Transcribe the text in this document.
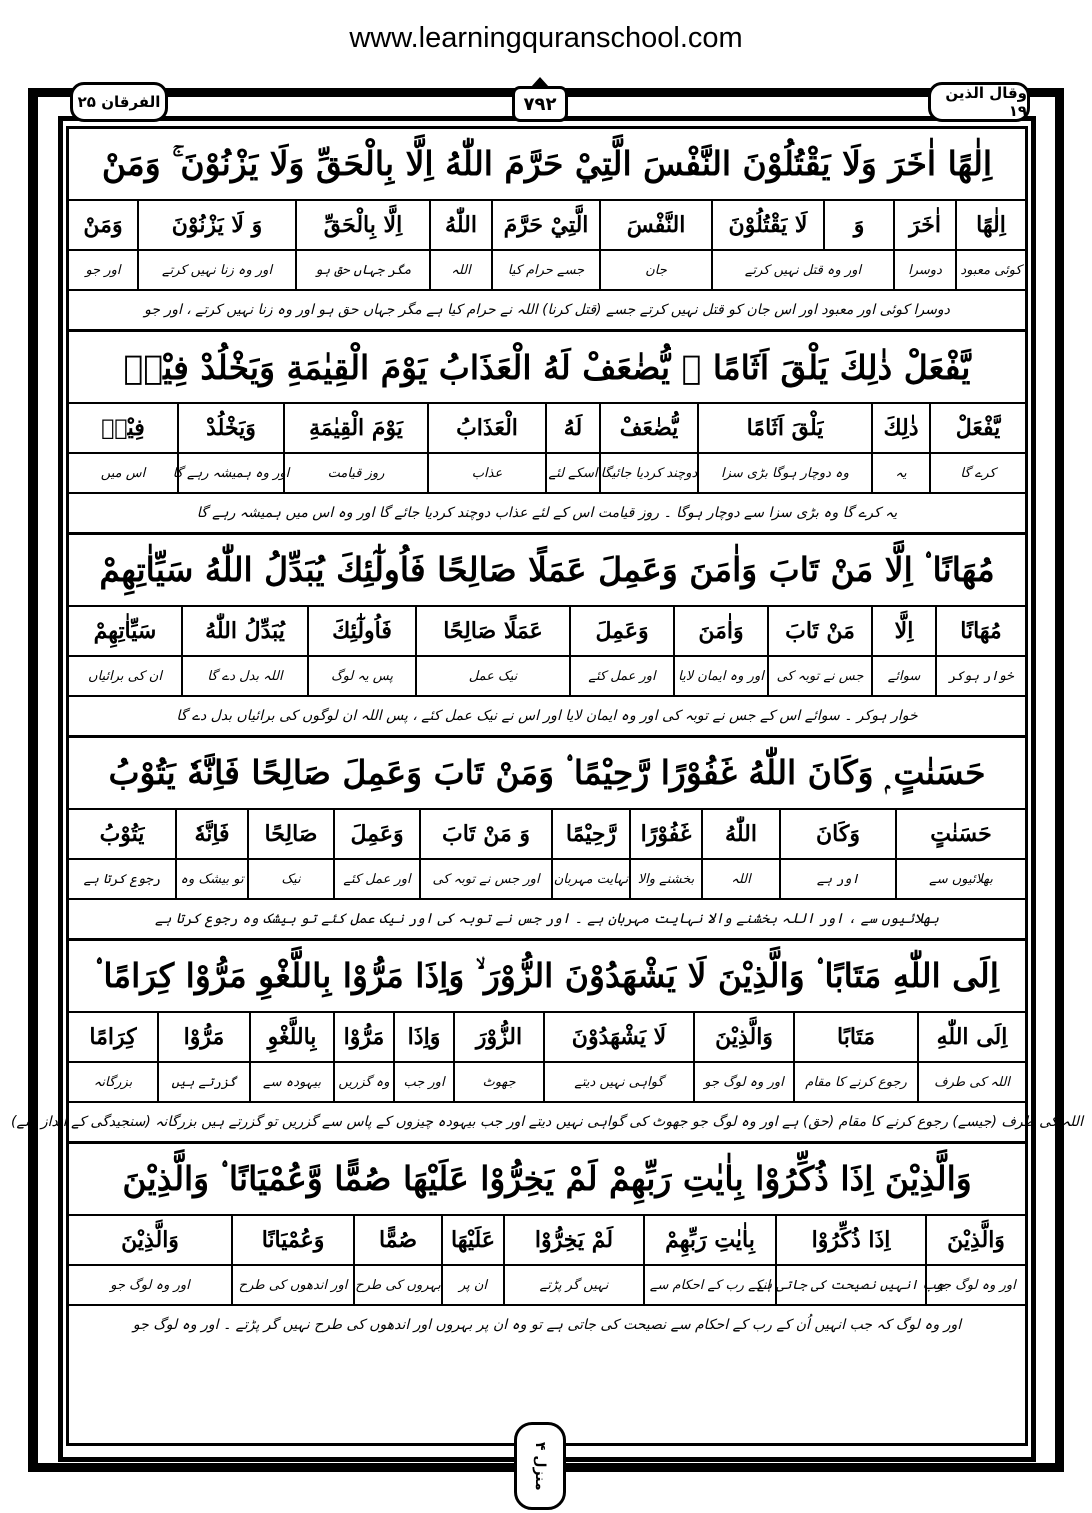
www.learningquranschool.com
الفرقان ۲۵	۷۹۲
وقال الذين ۱۹
اِلٰهًا اٰخَرَ وَلَا يَقْتُلُوْنَ النَّفْسَ الَّتِيْ حَرَّمَ اللّٰهُ اِلَّا بِالْحَقِّ وَلَا يَزْنُوْنَ ۚ وَمَنْ
اِلٰهًا
اٰخَرَ
وَ
لَا يَقْتُلُوْنَ
النَّفْسَ
الَّتِيْ حَرَّمَ
اللّٰهُ
اِلَّا بِالْحَقِّ
وَ لَا يَزْنُوْنَ
وَمَنْ
کوئی معبود
دوسرا
اور وہ قتل نہیں کرتے
جان
جسے حرام کیا
اللہ
مگر جہاں حق ہو
اور وہ زنا نہیں کرتے
اور جو
دوسرا کوئی اور معبود اور اس جان کو قتل نہیں کرتے جسے (قتل کرنا) اللہ نے حرام کیا ہے مگر جہاں حق ہو اور وہ زنا نہیں کرتے ، اور جو
يَّفْعَلْ ذٰلِكَ يَلْقَ اَثَامًا ۟ يُّضٰعَفْ لَهُ الْعَذَابُ يَوْمَ الْقِيٰمَةِ وَيَخْلُدْ فِيْهٖ
يَّفْعَلْ
ذٰلِكَ
يَلْقَ اَثَامًا
يُّضٰعَفْ
لَهُ
الْعَذَابُ
يَوْمَ الْقِيٰمَةِ
وَيَخْلُدْ
فِيْهٖ
کرے گا
یہ
وہ دوچار ہوگا بڑی سزا
دوچند کردیا جائیگا
اسکے لئے
عذاب
روز قیامت
اور وہ ہمیشہ رہے گا
اس میں
یہ کرے گا وہ بڑی سزا سے دوچار ہوگا ۔ روز قیامت اس کے لئے عذاب دوچند کردیا جائے گا اور وہ اس میں ہمیشہ رہے گا
مُهَانًا ۟ اِلَّا مَنْ تَابَ وَاٰمَنَ وَعَمِلَ عَمَلًا صَالِحًا فَاُولٰٓئِكَ يُبَدِّلُ اللّٰهُ سَيِّاٰتِهِمْ
مُهَانًا
اِلَّا
مَنْ تَابَ
وَاٰمَنَ
وَعَمِلَ
عَمَلًا صَالِحًا
فَاُولٰٓئِكَ
يُبَدِّلُ اللّٰهُ
سَيِّاٰتِهِمْ
خوار ہوکر
سوائے
جس نے توبہ کی
اور وہ ایمان لایا
اور عمل کئے
نیک عمل
پس یہ لوگ
اللہ بدل دے گا
ان کی برائیاں
خوار ہوکر ۔ سوائے اس کے جس نے توبہ کی اور وہ ایمان لایا اور اس نے نیک عمل کئے ، پس اللہ ان لوگوں کی برائیاں بدل دے گا
حَسَنٰتٍ ۭ وَكَانَ اللّٰهُ غَفُوْرًا رَّحِيْمًا ۟ وَمَنْ تَابَ وَعَمِلَ صَالِحًا فَاِنَّهٗ يَتُوْبُ
حَسَنٰتٍ
وَكَانَ
اللّٰهُ
غَفُوْرًا
رَّحِيْمًا
وَ مَنْ تَابَ
وَعَمِلَ
صَالِحًا
فَاِنَّهٗ
يَتُوْبُ
بھلائیوں سے
اور ہے
اللہ
بخشنے والا
نہایت مہربان
اور جس نے توبہ کی
اور عمل کئے
نیک
تو بیشک وہ
رجوع کرتا ہے
بھلائیوں سے ، اور اللہ بخشنے والا نہایت مہربان ہے ۔ اور جس نے توبہ کی اور نیک عمل کئے تو بیشک وہ رجوع کرتا ہے
اِلَى اللّٰهِ مَتَابًا ۟ وَالَّذِيْنَ لَا يَشْهَدُوْنَ الزُّوْرَ ۙ وَاِذَا مَرُّوْا بِاللَّغْوِ مَرُّوْا كِرَامًا ۟
اِلَى اللّٰهِ
مَتَابًا
وَالَّذِيْنَ
لَا يَشْهَدُوْنَ
الزُّوْرَ
وَاِذَا
مَرُّوْا
بِاللَّغْوِ
مَرُّوْا
كِرَامًا
اللہ کی طرف
رجوع کرنے کا مقام
اور وہ لوگ جو
گواہی نہیں دیتے
جھوٹ
اور جب
وہ گزریں
بیہودہ سے
گزرتے ہیں
بزرگانہ
اللہ کی طرف (جیسے) رجوع کرنے کا مقام (حق) ہے اور وہ لوگ جو جھوٹ کی گواہی نہیں دیتے اور جب بیہودہ چیزوں کے پاس سے گزریں تو گزرتے ہیں بزرگانہ (سنجیدگی کے انداز سے)
وَالَّذِيْنَ اِذَا ذُكِّرُوْا بِاٰيٰتِ رَبِّهِمْ لَمْ يَخِرُّوْا عَلَيْهَا صُمًّا وَّعُمْيَانًا ۟ وَالَّذِيْنَ
وَالَّذِيْنَ
اِذَا ذُكِّرُوْا
بِاٰيٰتِ رَبِّهِمْ
لَمْ يَخِرُّوْا
عَلَيْهَا
صُمًّا
وَعُمْيَانًا
وَالَّذِيْنَ
اور وہ لوگ جو
جب انہیں نصیحت کی جاتی ہے
انکے رب کے احکام سے
نہیں گر پڑتے
ان پر
بہروں کی طرح
اور اندھوں کی طرح
اور وہ لوگ جو
اور وہ لوگ کہ جب انہیں اُن کے رب کے احکام سے نصیحت کی جاتی ہے تو وہ ان پر بہروں اور اندھوں کی طرح نہیں گر پڑتے ۔ اور وہ لوگ جو
منزل ۴
